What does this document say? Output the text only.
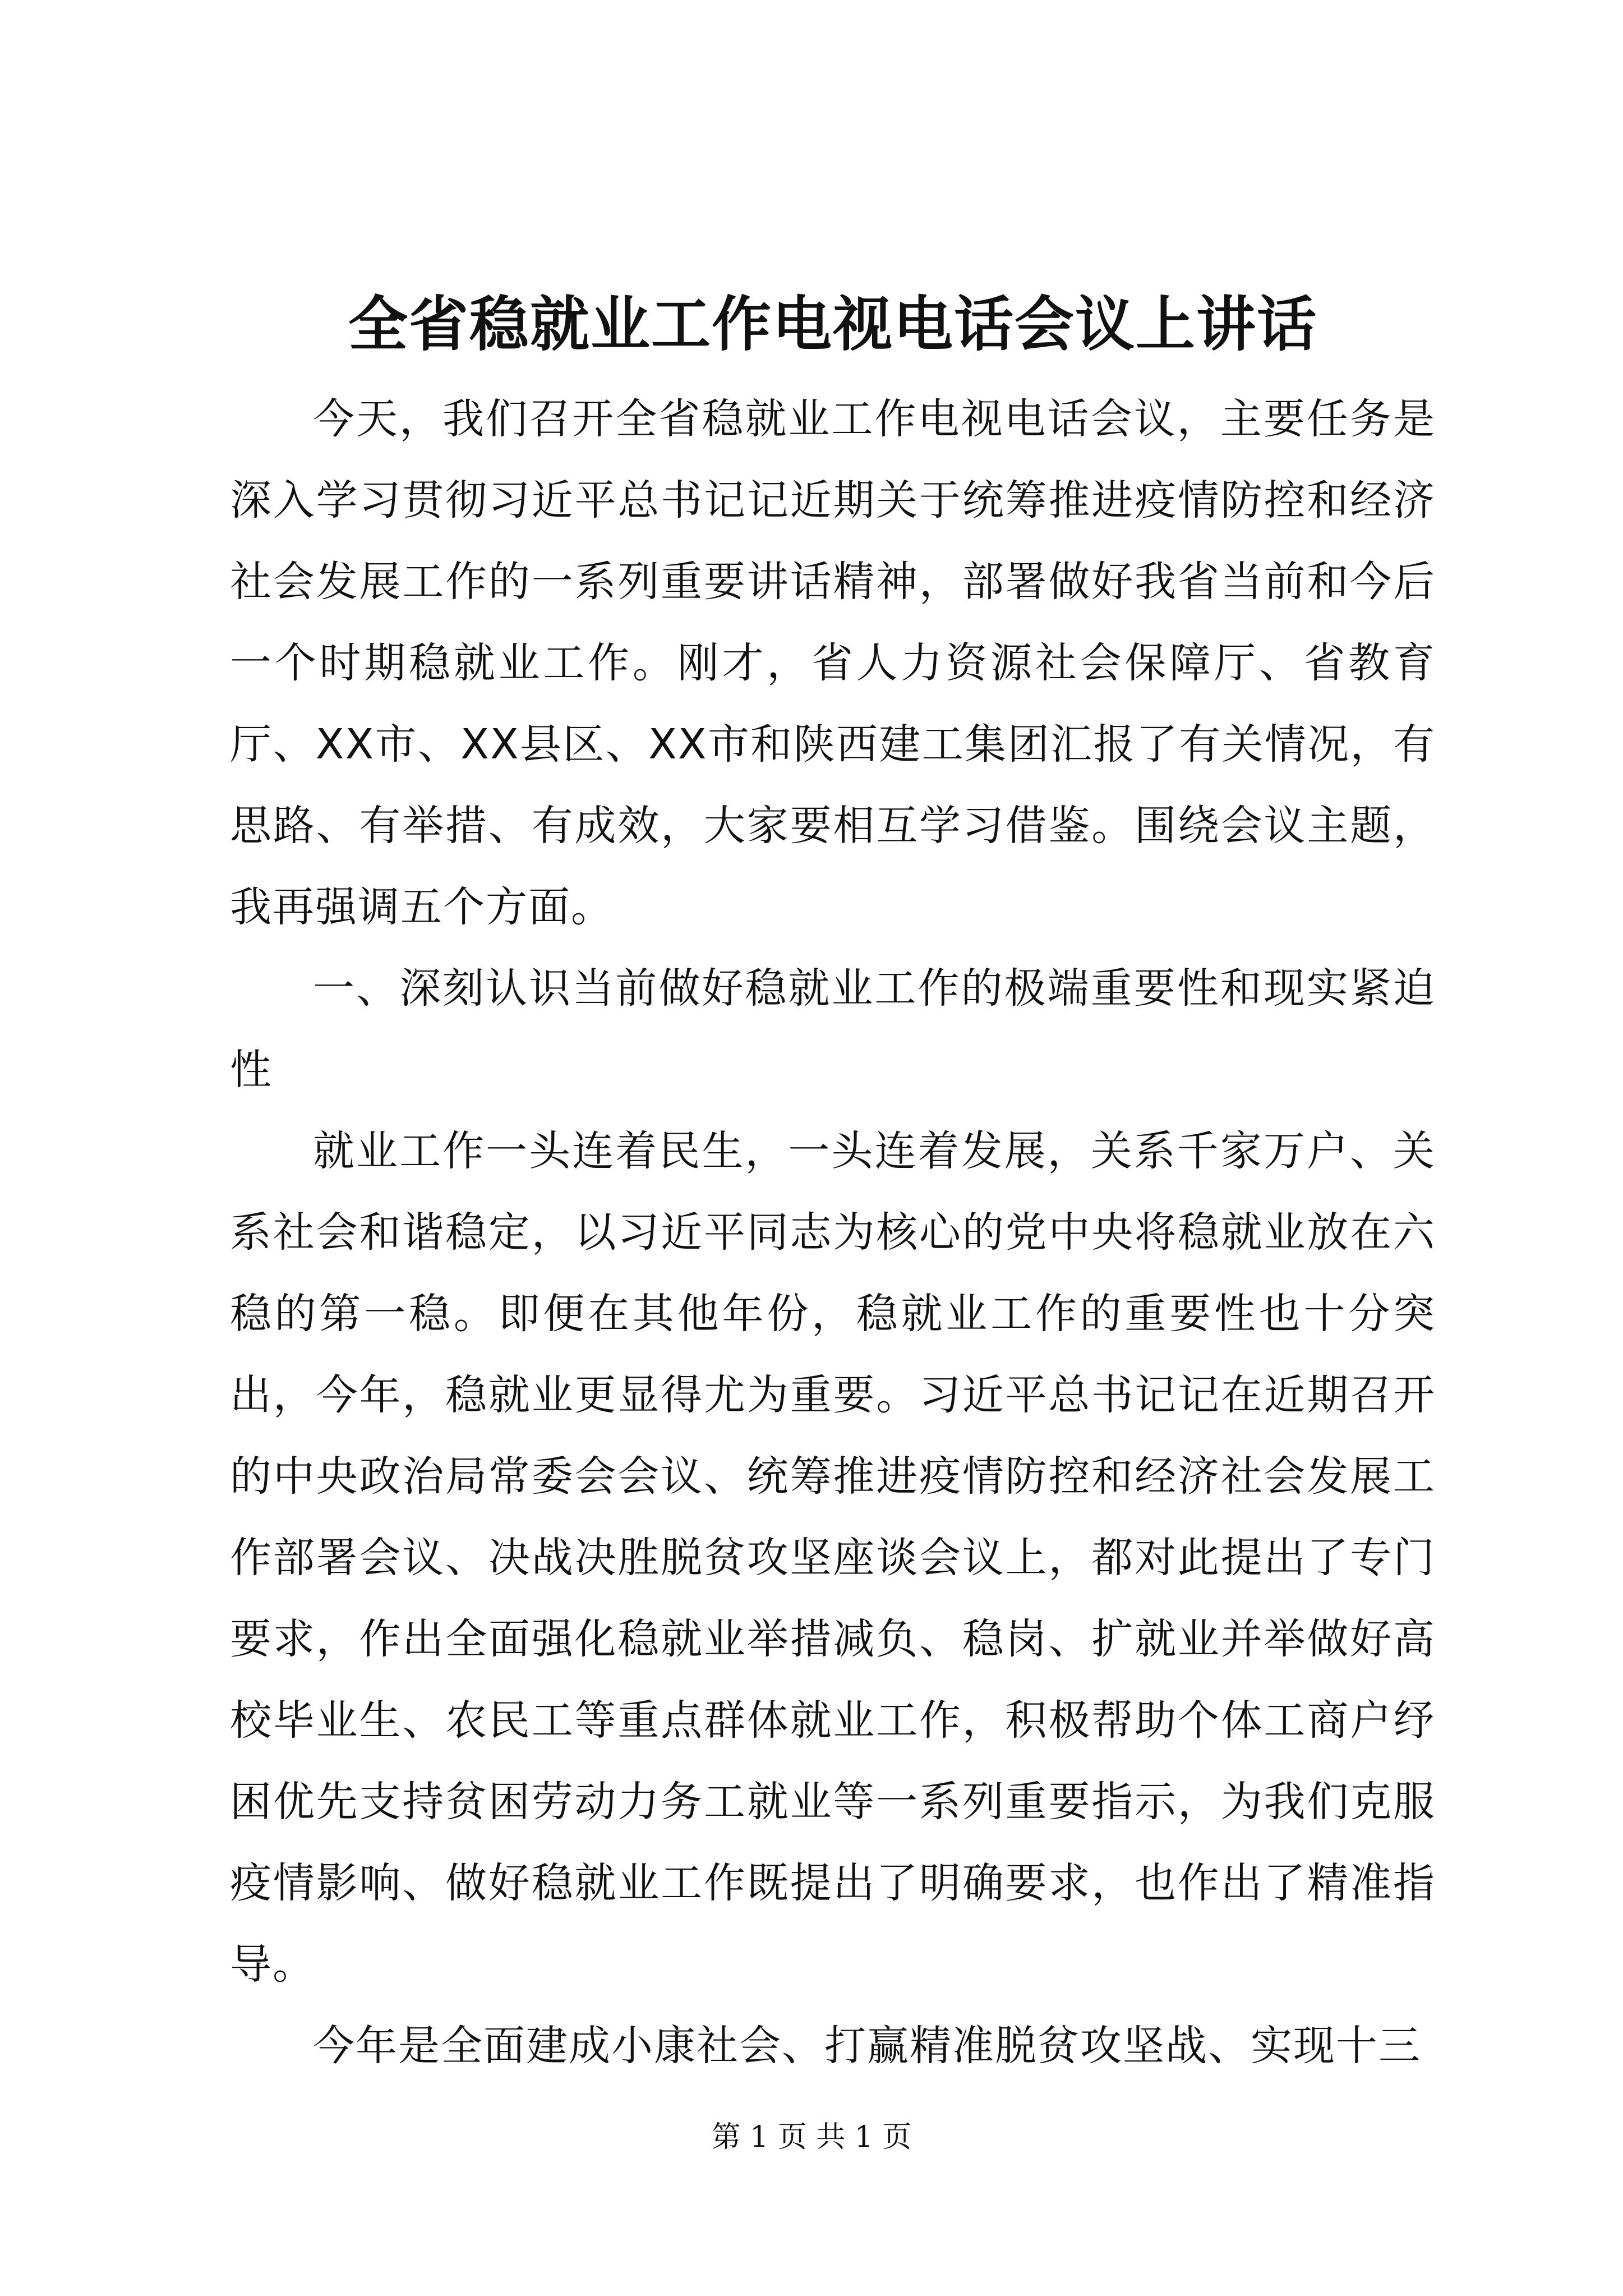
全省稳就业工作电视电话会议上讲话

今天，我们召开全省稳就业工作电视电话会议，主要任务是深入学习贯彻习近平总书记记近期关于统筹推进疫情防控和经济社会发展工作的一系列重要讲话精神，部署做好我省当前和今后一个时期稳就业工作。刚才，省人力资源社会保障厅、省教育厅、XX市、XX县区、XX市和陕西建工集团汇报了有关情况，有思路、有举措、有成效，大家要相互学习借鉴。围绕会议主题，我再强调五个方面。

一、深刻认识当前做好稳就业工作的极端重要性和现实紧迫性

就业工作一头连着民生，一头连着发展，关系千家万户、关系社会和谐稳定，以习近平同志为核心的党中央将稳就业放在六稳的第一稳。即便在其他年份，稳就业工作的重要性也十分突出，今年，稳就业更显得尤为重要。习近平总书记记在近期召开的中央政治局常委会会议、统筹推进疫情防控和经济社会发展工作部署会议、决战决胜脱贫攻坚座谈会议上，都对此提出了专门要求，作出全面强化稳就业举措减负、稳岗、扩就业并举做好高校毕业生、农民工等重点群体就业工作，积极帮助个体工商户纾困优先支持贫困劳动力务工就业等一系列重要指示，为我们克服疫情影响、做好稳就业工作既提出了明确要求，也作出了精准指导。

今年是全面建成小康社会、打赢精准脱贫攻坚战、实现十三

第 1 页 共 1 页
